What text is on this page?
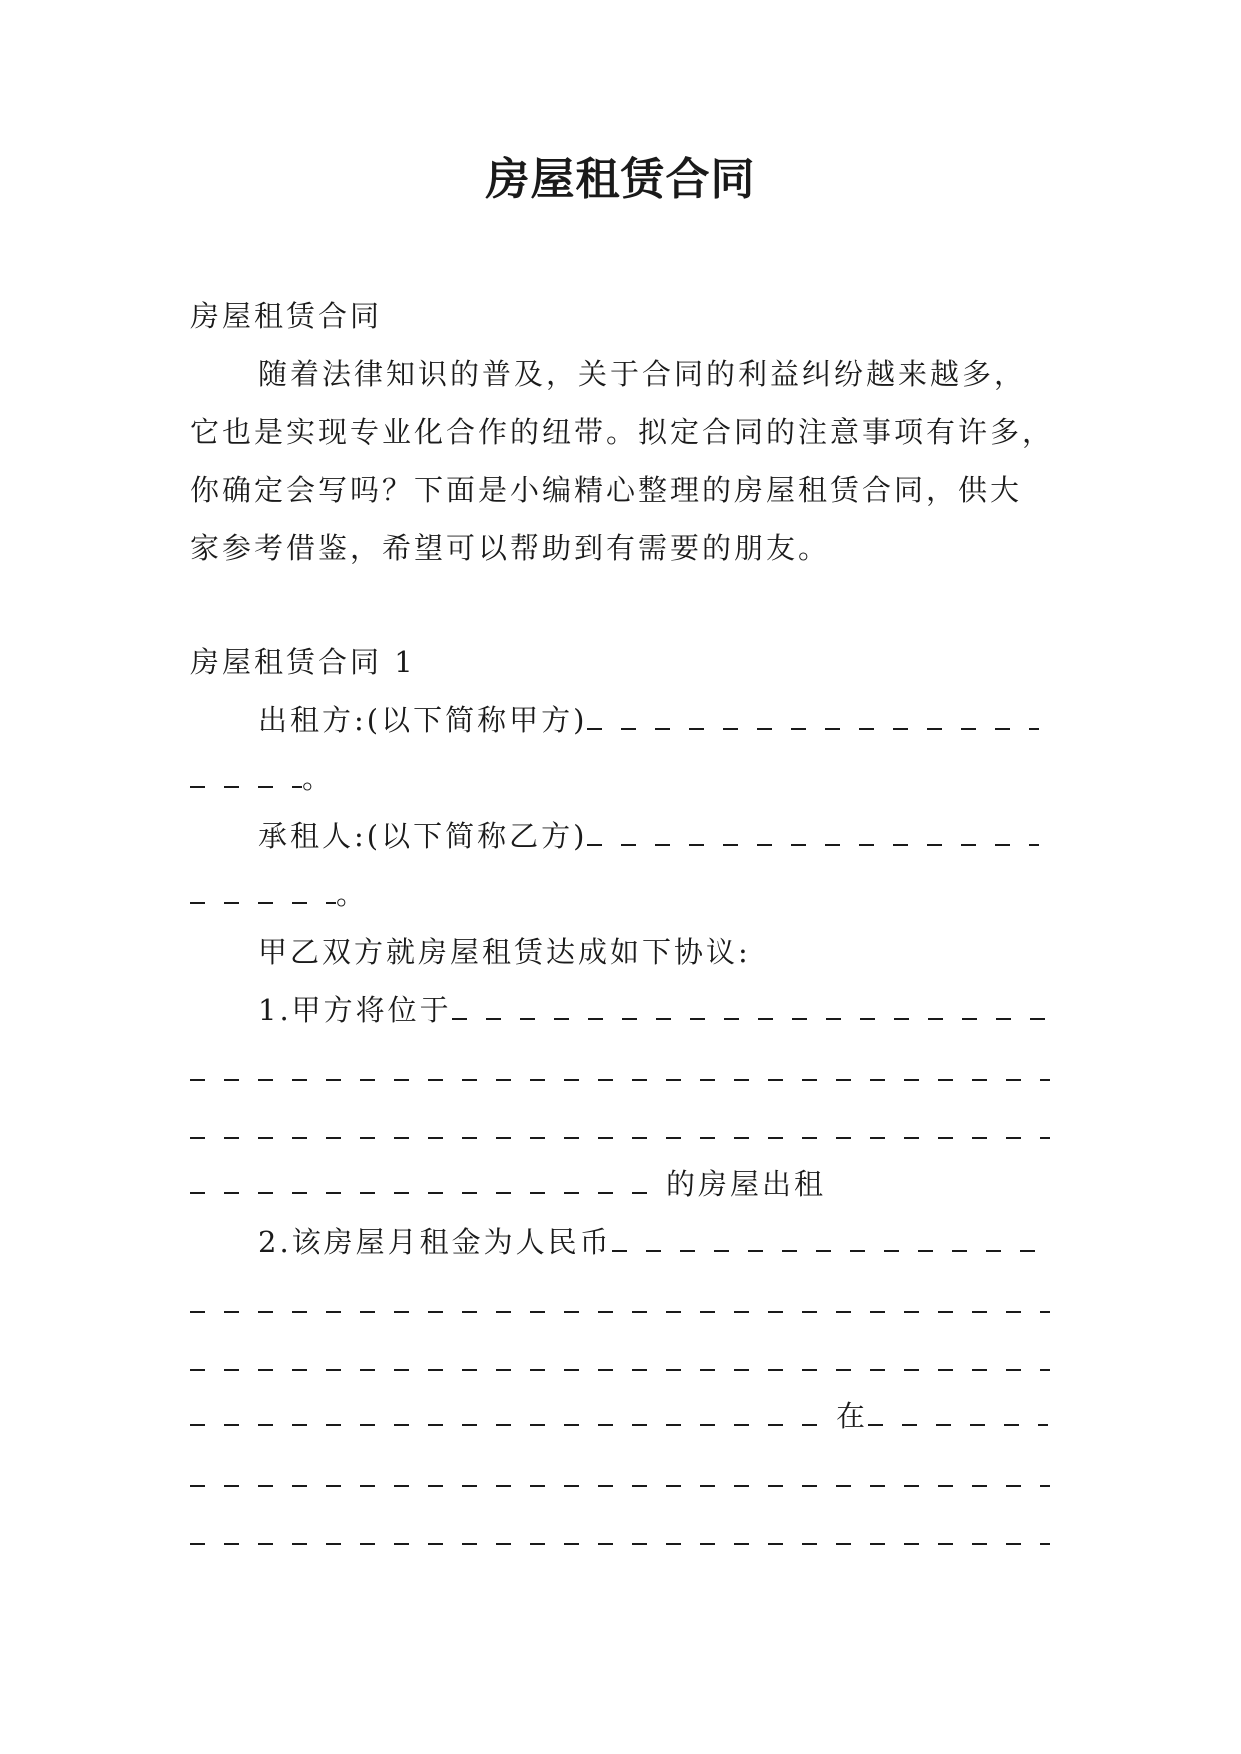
房屋租赁合同
房屋租赁合同
随着法律知识的普及，关于合同的利益纠纷越来越多，
它也是实现专业化合作的纽带。拟定合同的注意事项有许多，
你确定会写吗？下面是小编精心整理的房屋租赁合同，供大
家参考借鉴，希望可以帮助到有需要的朋友。
房屋租赁合同 1
出租方:(以下简称甲方)
。
承租人:(以下简称乙方)
。
甲乙双方就房屋租赁达成如下协议:
1.甲方将位于
的房屋出租
2.该房屋月租金为人民币
在
